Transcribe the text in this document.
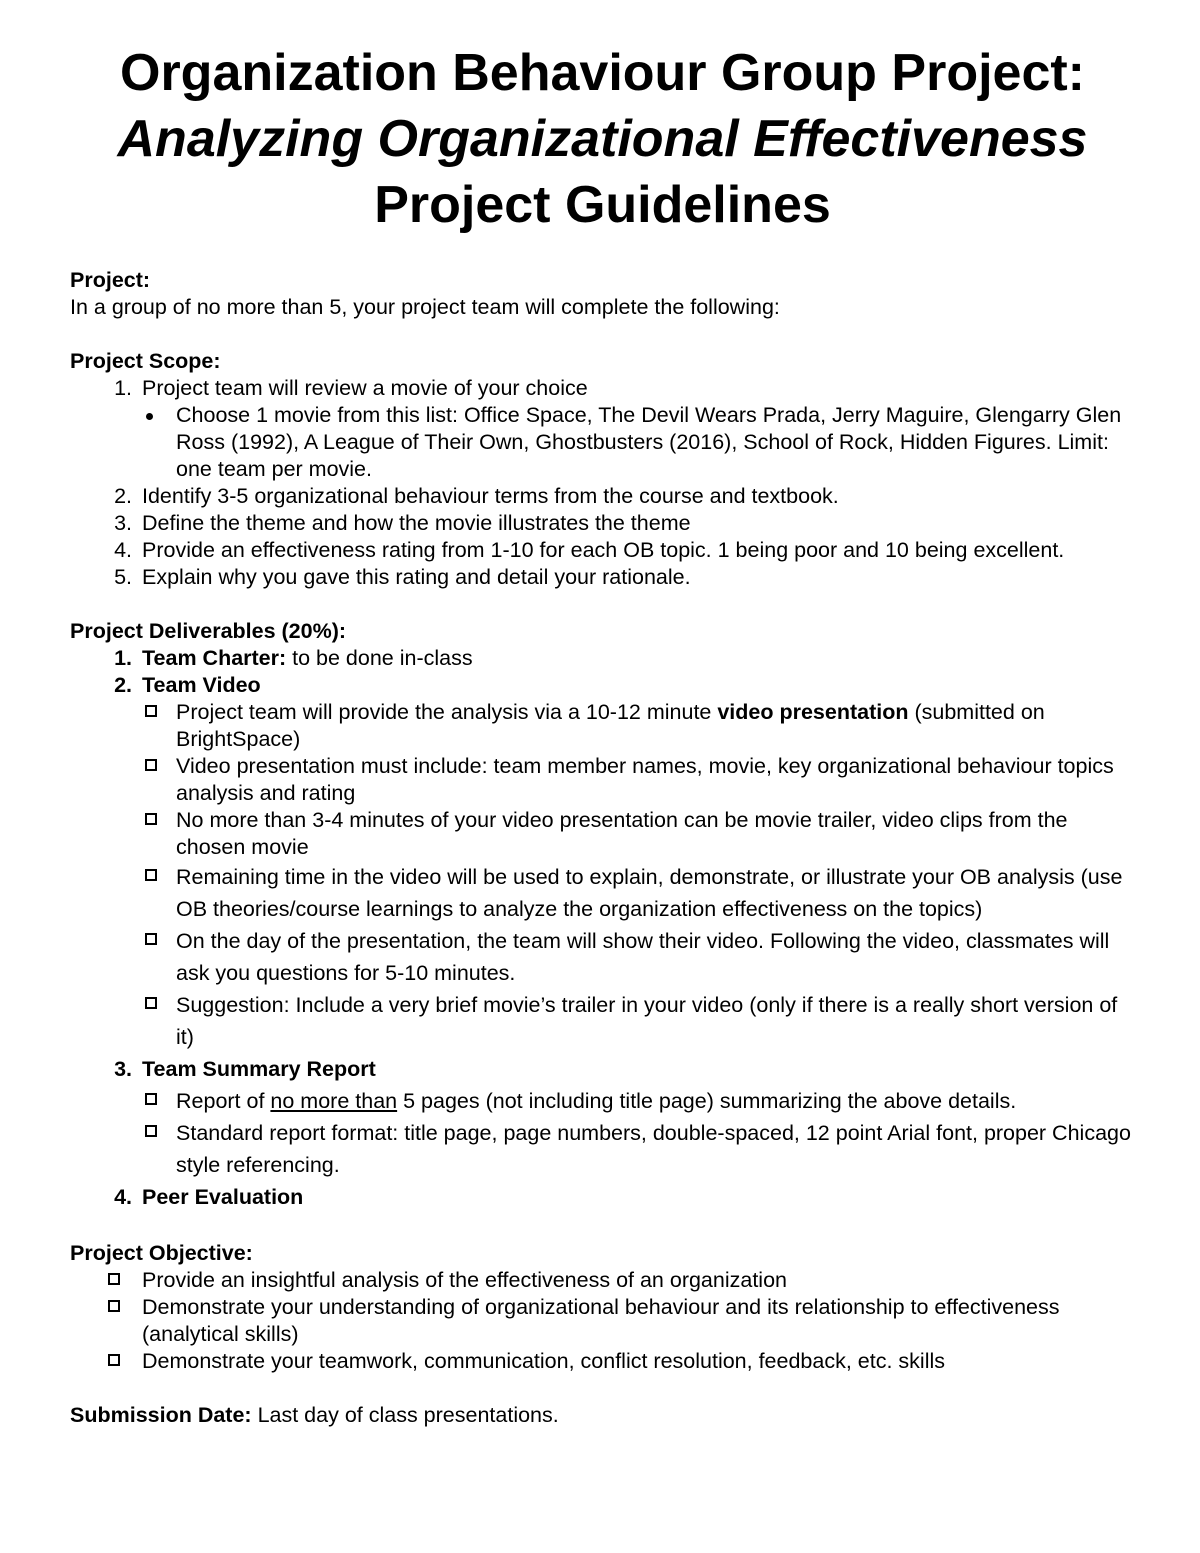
Organization Behaviour Group Project:
Analyzing Organizational Effectiveness
Project Guidelines
Project:
In a group of no more than 5, your project team will complete the following:
Project Scope:
1. Project team will review a movie of your choice
Choose 1 movie from this list: Office Space, The Devil Wears Prada, Jerry Maguire, Glengarry Glen Ross (1992), A League of Their Own, Ghostbusters (2016), School of Rock, Hidden Figures. Limit: one team per movie.
2. Identify 3-5 organizational behaviour terms from the course and textbook.
3. Define the theme and how the movie illustrates the theme
4. Provide an effectiveness rating from 1-10 for each OB topic. 1 being poor and 10 being excellent.
5. Explain why you gave this rating and detail your rationale.
Project Deliverables (20%):
1. Team Charter: to be done in-class
2. Team Video
Project team will provide the analysis via a 10-12 minute video presentation (submitted on BrightSpace)
Video presentation must include: team member names, movie, key organizational behaviour topics analysis and rating
No more than 3-4 minutes of your video presentation can be movie trailer, video clips from the chosen movie
Remaining time in the video will be used to explain, demonstrate, or illustrate your OB analysis (use OB theories/course learnings to analyze the organization effectiveness on the topics)
On the day of the presentation, the team will show their video. Following the video, classmates will ask you questions for 5-10 minutes.
Suggestion: Include a very brief movie’s trailer in your video (only if there is a really short version of it)
3. Team Summary Report
Report of no more than 5 pages (not including title page) summarizing the above details.
Standard report format: title page, page numbers, double-spaced, 12 point Arial font, proper Chicago style referencing.
4. Peer Evaluation
Project Objective:
Provide an insightful analysis of the effectiveness of an organization
Demonstrate your understanding of organizational behaviour and its relationship to effectiveness (analytical skills)
Demonstrate your teamwork, communication, conflict resolution, feedback, etc. skills
Submission Date: Last day of class presentations.
